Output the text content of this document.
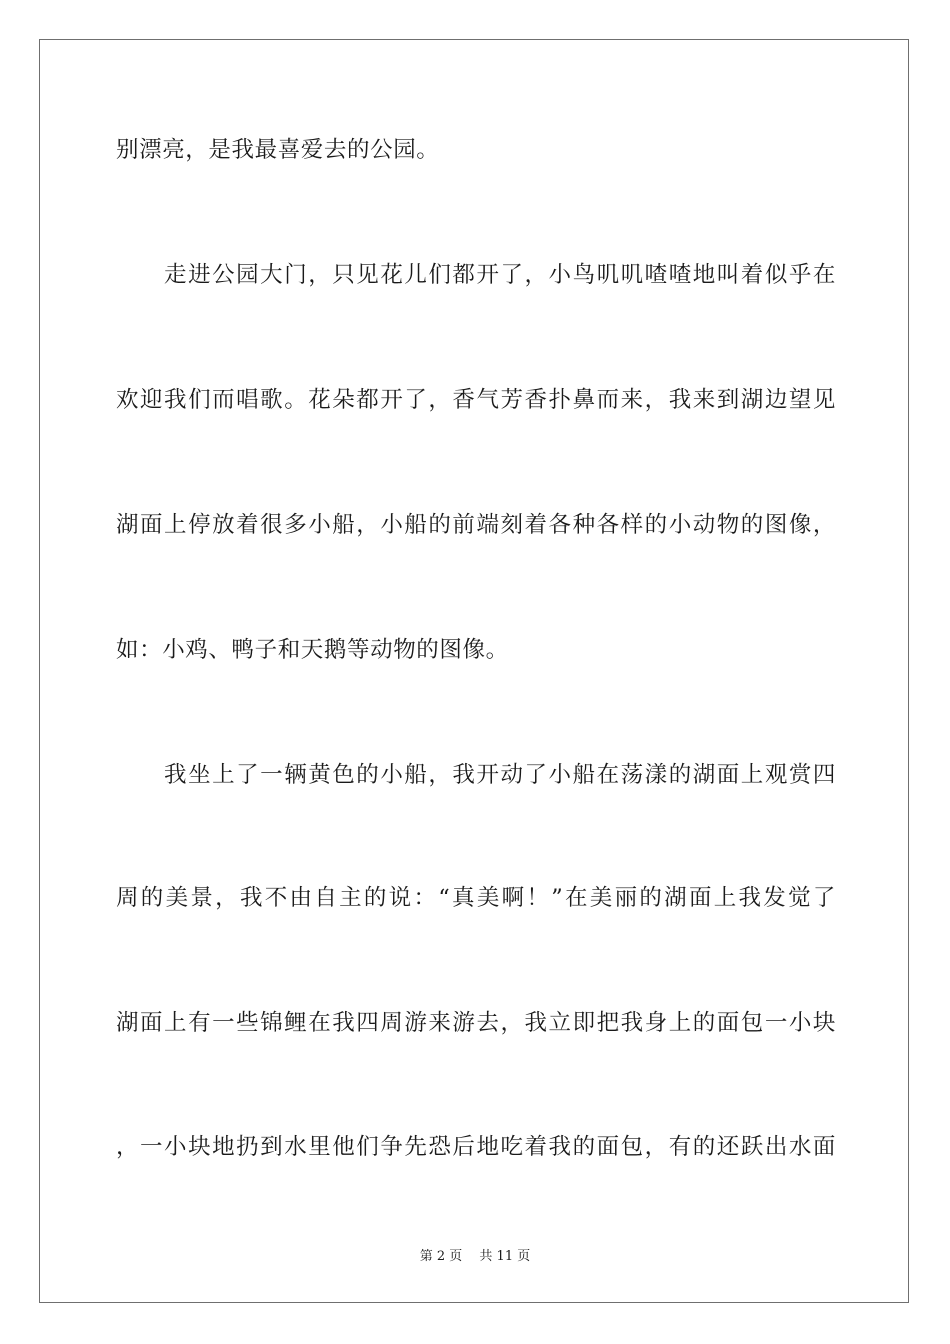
别漂亮，是我最喜爱去的公园。
　　走进公园大门，只见花儿们都开了，小鸟叽叽喳喳地叫着似乎在
欢迎我们而唱歌。花朵都开了，香气芳香扑鼻而来，我来到湖边望见
湖面上停放着很多小船，小船的前端刻着各种各样的小动物的图像，
如：小鸡、鸭子和天鹅等动物的图像。
　　我坐上了一辆黄色的小船，我开动了小船在荡漾的湖面上观赏四
周的美景，我不由自主的说：“真美啊！”在美丽的湖面上我发觉了
湖面上有一些锦鲤在我四周游来游去，我立即把我身上的面包一小块
，一小块地扔到水里他们争先恐后地吃着我的面包，有的还跃出水面
第 2 页　 共 11 页
